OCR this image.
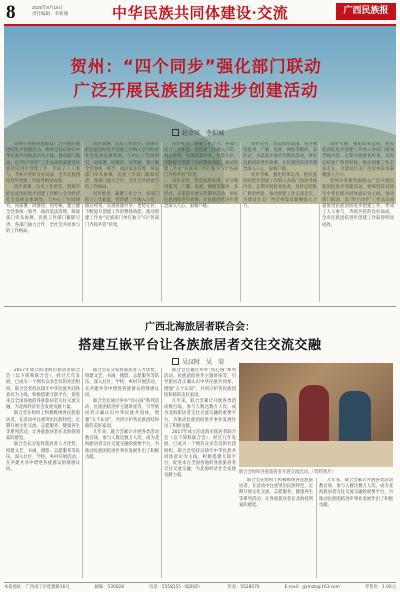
8	2025年8月15日
责任编辑：李新城	中华民族共同体建设·交流	广西民族报
贺州：“四个同步”强化部门联动
广泛开展民族团结进步创建活动
赵金宾　李积城

贺州市各族各族群众广泛开展民族团结进步创建活动，始终坚持以铸牢中华民族共同体意识为主线，推动部门联动，以“四个同步”工作法高质量推进民族团结进步创建工作，形成了人人参与、齐抓共管的良好局面，全市民族团结进步创建工作取得明显成效。

同步部署，压实工作责任。贺州市把民族团结进步创建工作纳入全市经济社会发展总体规划，与中心工作同研究、同部署、同推进、同考核，建立健全党委统一领导、政府依法管理、统战部门牵头协调、民族工作部门履职尽责、各部门通力合作、全社会共同参与的工作格局。

同步部署，压实工作责任。贺州市把民族团结进步创建工作纳入全市经济社会发展总体规划，与中心工作同研究、同部署、同推进、同考核，建立健全党委统一领导、政府依法管理、统战部门牵头协调、民族工作部门履职尽责、各部门通力合作、全社会共同参与的工作格局。

同步推进，凝聚工作合力。各部门结合工作职能，把创建工作融入日常、做在经常，实现资源共享、优势互补，不断提升创建工作的整体效能，推动创建工作由“民族部门单打独斗”向“各部门齐抓共管”转变。

同步推进，凝聚工作合力。各部门结合工作职能，把创建工作融入日常、做在经常，实现资源共享、优势互补，不断提升创建工作的整体效能，推动创建工作由“民族部门单打独斗”向“各部门齐抓共管”转变。

同步宣传，营造浓厚氛围。充分利用报刊、广播、电视、网络等媒体，多形式、多渠道开展宣传教育活动，讲好民族团结进步故事，让民族团结进步理念深入人心、家喻户晓。

同步宣传，营造浓厚氛围。充分利用报刊、广播、电视、网络等媒体，多形式、多渠道开展宣传教育活动，讲好民族团结进步故事，让民族团结进步理念深入人心、家喻户晓。

同步考核，强化结果运用。把民族团结进步创建工作纳入各部门绩效考核内容，定期开展督查检查，及时总结推广典型经验，推动创建工作走深走实，为建设壮美广西贺州篇章凝聚强大合力。

同步考核，强化结果运用。把民族团结进步创建工作纳入各部门绩效考核内容，定期开展督查检查，及时总结推广典型经验，推动创建工作走深走实，为建设壮美广西贺州篇章凝聚强大合力。

贺州市各族各族群众广泛开展民族团结进步创建活动，始终坚持以铸牢中华民族共同体意识为主线，推动部门联动，以“四个同步”工作法高质量推进民族团结进步创建工作，形成了人人参与、齐抓共管的良好局面，全市民族团结进步创建工作取得明显成效。

广西北海旅居者联合会：
搭建互嵌平台让各族旅居者交往交流交融
吴汉时　吴　荣

2017年成立的北海市旅居者联合会（以下简称联合会），经过几年发展，已成为一个拥有众多会员的社团组织。联合会坚持以铸牢中华民族共同体意识为主线，积极搭建互嵌平台，促进来自全国各地的各族旅居者交往交流交融，为北海经济社会发展贡献力量。

联合会在组织上积极吸纳各民族旅居者，在活动中注重突出民族特色，定期开展文化交流、志愿服务、健康养生等系列活动，让各族旅居者在北海找到家的感觉。

联合会充分发挥旅居者人才优势，组建文艺、书画、摄影、志愿服务等队伍，深入社区、学校、乡村开展活动，在共建共享中增进各族群众的情感认同。

联合会充分发挥旅居者人才优势，组建文艺、书画、摄影、志愿服务等队伍，深入社区、学校、乡村开展活动，在共建共享中增进各族群众的情感认同。

联合会还通过举办“同心圆”系列活动、民族团结进步主题讲座等，引导旅居者正确认识中华民族共同体，增强“五个认同”，共同守护各民族团结和睦的美好家园。

几年来，联合会累计开展各类活动数百场，参与人数达数万人次，成为北海旅居者交往交流交融的重要平台，为推动民族团结进步事业发展作出了积极贡献。

联合会还通过举办“同心圆”系列活动、民族团结进步主题讲座等，引导旅居者正确认识中华民族共同体，增强“五个认同”，共同守护各民族团结和睦的美好家园。

几年来，联合会累计开展各类活动数百场，参与人数达数万人次，成为北海旅居者交往交流交融的重要平台，为推动民族团结进步事业发展作出了积极贡献。

2017年成立的北海市旅居者联合会（以下简称联合会），经过几年发展，已成为一个拥有众多会员的社团组织。联合会坚持以铸牢中华民族共同体意识为主线，积极搭建互嵌平台，促进来自全国各地的各族旅居者交往交流交融，为北海经济社会发展贡献力量。

联合会组织各族旅居者开展交流活动。（资料图片）

联合会在组织上积极吸纳各民族旅居者，在活动中注重突出民族特色，定期开展文化交流、志愿服务、健康养生等系列活动，让各族旅居者在北海找到家的感觉。

几年来，联合会累计开展各类活动数百场，参与人数达数万人次，成为北海旅居者交往交流交融的重要平台，为推动民族团结进步事业发展作出了积极贡献。

本报地址：广西南宁市桂雅路16号	邮编：530028	电话：5558155（编辑部）	传真：5528076	E-mail：gxmzb@163.com	零售价：1.00元
